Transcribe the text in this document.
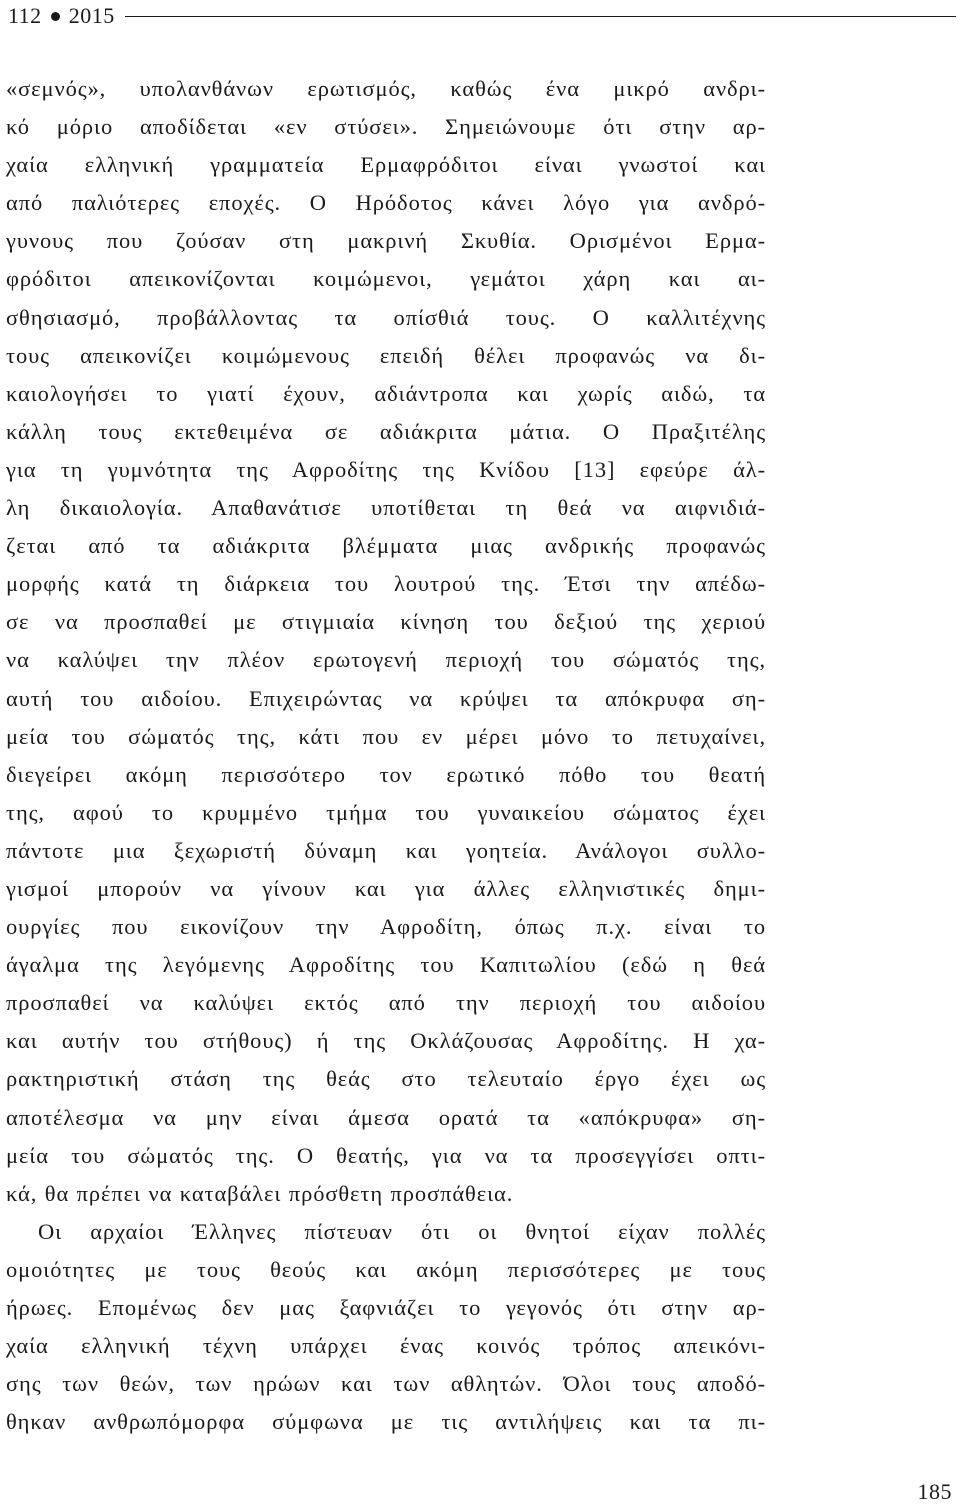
112 2015
«σεμνός», υπολανθάνων ερωτισμός, καθώς ένα μικρό ανδρι-
κό μόριο αποδίδεται «εν στύσει». Σημειώνουμε ότι στην αρ-
χαία ελληνική γραμματεία Ερμαφρόδιτοι είναι γνωστοί και
από παλιότερες εποχές. Ο Ηρόδοτος κάνει λόγο για ανδρό-
γυνους που ζούσαν στη μακρινή Σκυθία. Ορισμένοι Ερμα-
φρόδιτοι απεικονίζονται κοιμώμενοι, γεμάτοι χάρη και αι-
σθησιασμό, προβάλλοντας τα οπίσθιά τους. Ο καλλιτέχνης
τους απεικονίζει κοιμώμενους επειδή θέλει προφανώς να δι-
καιολογήσει το γιατί έχουν, αδιάντροπα και χωρίς αιδώ, τα
κάλλη τους εκτεθειμένα σε αδιάκριτα μάτια. Ο Πραξιτέλης
για τη γυμνότητα της Αφροδίτης της Κνίδου [13] εφεύρε άλ-
λη δικαιολογία. Απαθανάτισε υποτίθεται τη θεά να αιφνιδιά-
ζεται από τα αδιάκριτα βλέμματα μιας ανδρικής προφανώς
μορφής κατά τη διάρκεια του λουτρού της. Έτσι την απέδω-
σε να προσπαθεί με στιγμιαία κίνηση του δεξιού της χεριού
να καλύψει την πλέον ερωτογενή περιοχή του σώματός της,
αυτή του αιδοίου. Επιχειρώντας να κρύψει τα απόκρυφα ση-
μεία του σώματός της, κάτι που εν μέρει μόνο το πετυχαίνει,
διεγείρει ακόμη περισσότερο τον ερωτικό πόθο του θεατή
της, αφού το κρυμμένο τμήμα του γυναικείου σώματος έχει
πάντοτε μια ξεχωριστή δύναμη και γοητεία. Ανάλογοι συλλο-
γισμοί μπορούν να γίνουν και για άλλες ελληνιστικές δημι-
ουργίες που εικονίζουν την Αφροδίτη, όπως π.χ. είναι το
άγαλμα της λεγόμενης Αφροδίτης του Καπιτωλίου (εδώ η θεά
προσπαθεί να καλύψει εκτός από την περιοχή του αιδοίου
και αυτήν του στήθους) ή της Οκλάζουσας Αφροδίτης. Η χα-
ρακτηριστική στάση της θεάς στο τελευταίο έργο έχει ως
αποτέλεσμα να μην είναι άμεσα ορατά τα «απόκρυφα» ση-
μεία του σώματός της. Ο θεατής, για να τα προσεγγίσει οπτι-
κά, θα πρέπει να καταβάλει πρόσθετη προσπάθεια.
Οι αρχαίοι Έλληνες πίστευαν ότι οι θνητοί είχαν πολλές
ομοιότητες με τους θεούς και ακόμη περισσότερες με τους
ήρωες. Επομένως δεν μας ξαφνιάζει το γεγονός ότι στην αρ-
χαία ελληνική τέχνη υπάρχει ένας κοινός τρόπος απεικόνι-
σης των θεών, των ηρώων και των αθλητών. Όλοι τους αποδό-
θηκαν ανθρωπόμορφα σύμφωνα με τις αντιλήψεις και τα πι-
185
